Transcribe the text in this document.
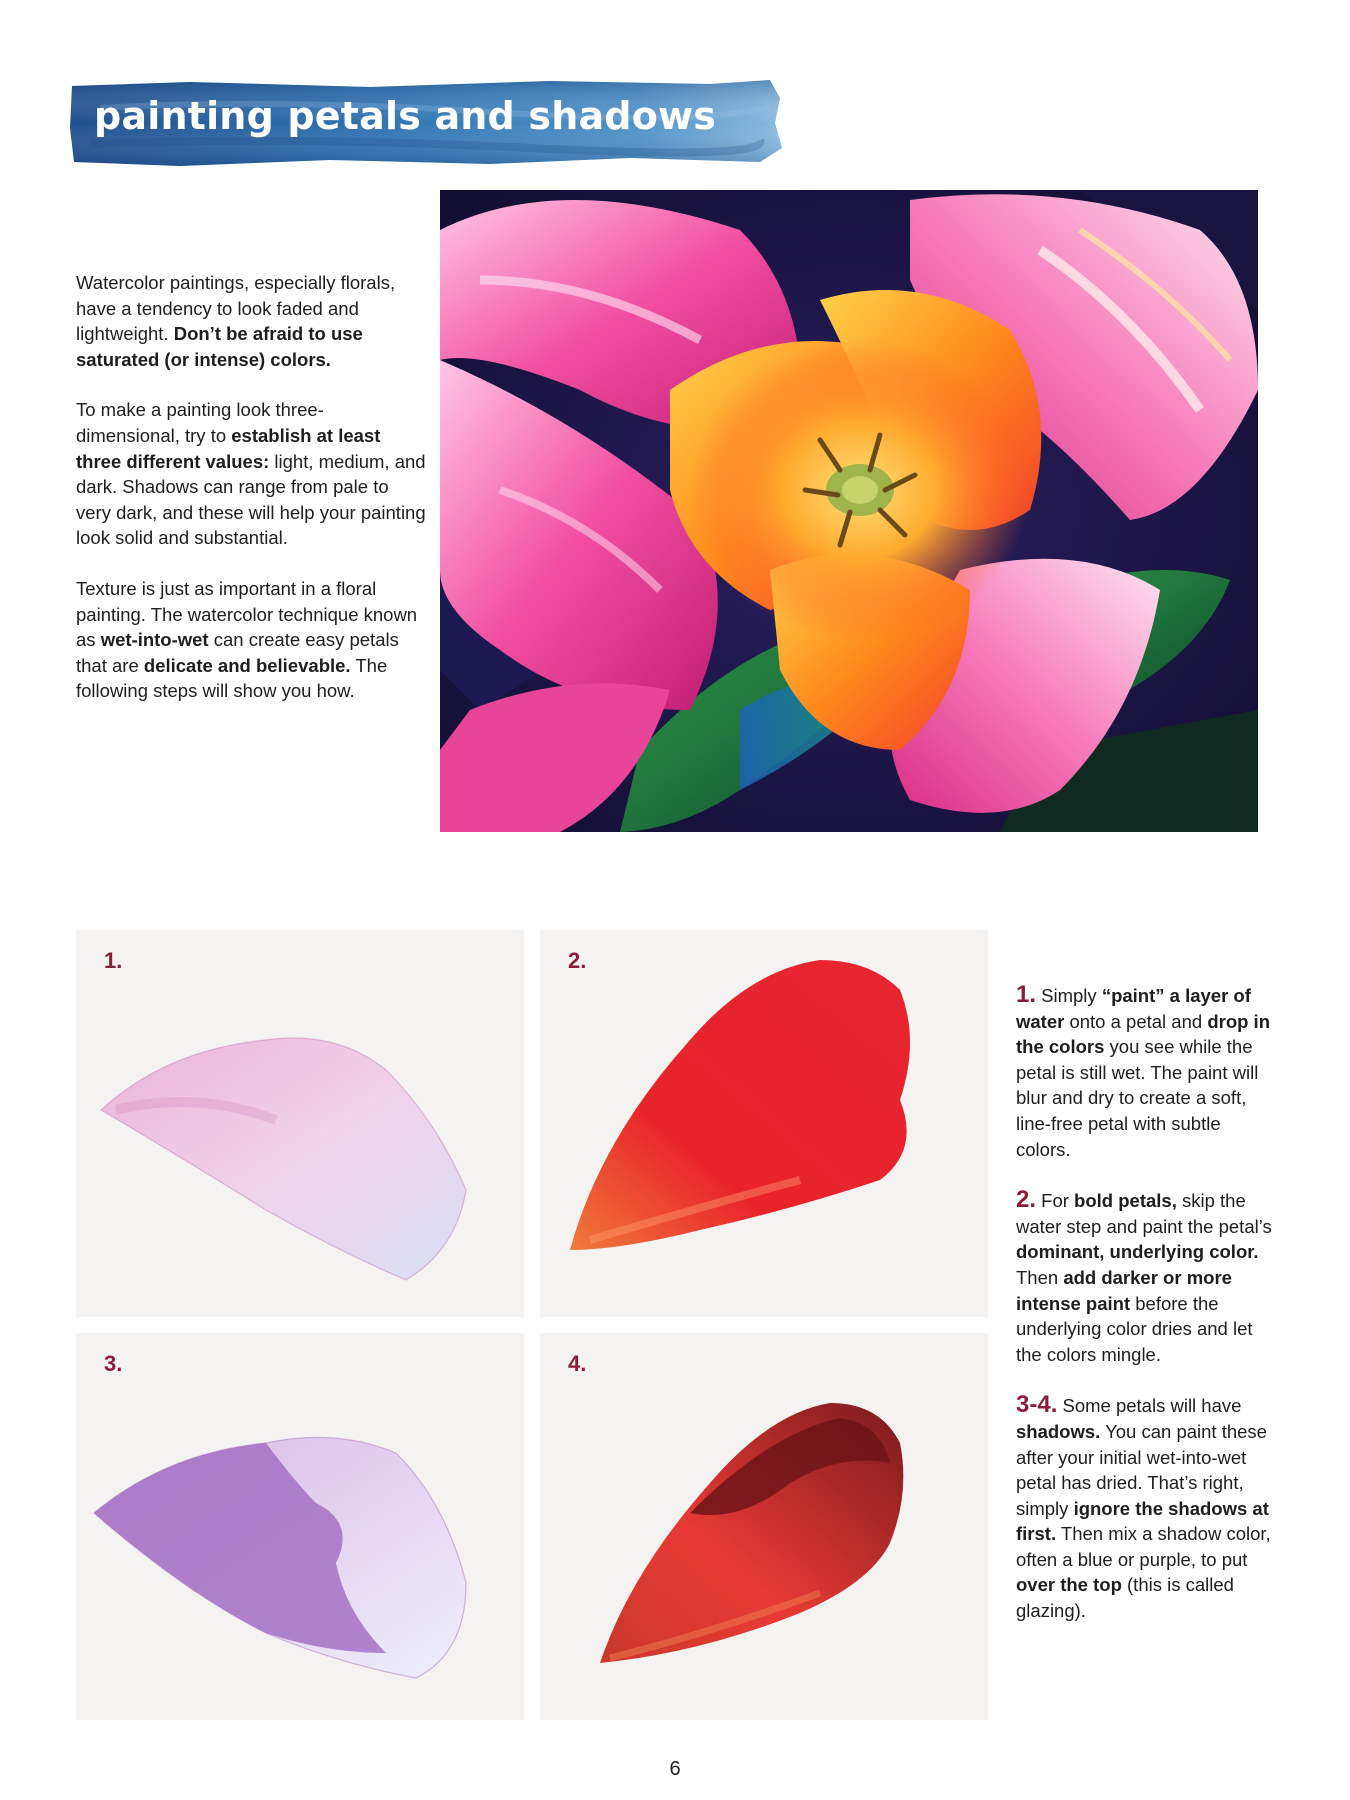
painting petals and shadows

Watercolor paintings, especially florals, have a tendency to look faded and lightweight. Don’t be afraid to use saturated (or intense) colors.

To make a painting look three-dimensional, try to establish at least three different values: light, medium, and dark. Shadows can range from pale to very dark, and these will help your painting look solid and substantial.

Texture is just as important in a floral painting. The watercolor technique known as wet-into-wet can create easy petals that are delicate and believable. The following steps will show you how.

1.	2.
3.	4.

1. Simply “paint” a layer of water onto a petal and drop in the colors you see while the petal is still wet. The paint will blur and dry to create a soft, line-free petal with subtle colors.

2. For bold petals, skip the water step and paint the petal’s dominant, underlying color. Then add darker or more intense paint before the underlying color dries and let the colors mingle.

3-4. Some petals will have shadows. You can paint these after your initial wet-into-wet petal has dried. That’s right, simply ignore the shadows at first. Then mix a shadow color, often a blue or purple, to put over the top (this is called glazing).

6
